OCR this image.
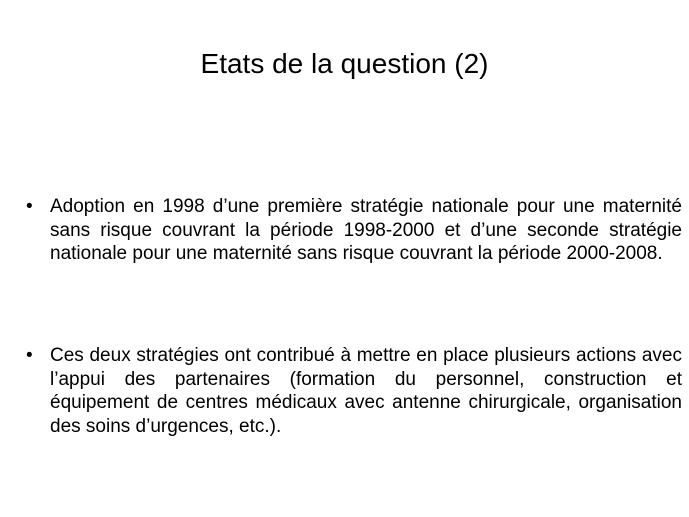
Etats de la question (2)
• Adoption en 1998 d’une première stratégie nationale pour une maternité sans risque couvrant la période 1998-2000 et d’une seconde stratégie nationale pour une maternité sans risque couvrant la période 2000-2008.
• Ces deux stratégies ont contribué à mettre en place plusieurs actions avec l’appui des partenaires (formation du personnel, construction et équipement de centres médicaux avec antenne chirurgicale, organisation des soins d’urgences, etc.).
